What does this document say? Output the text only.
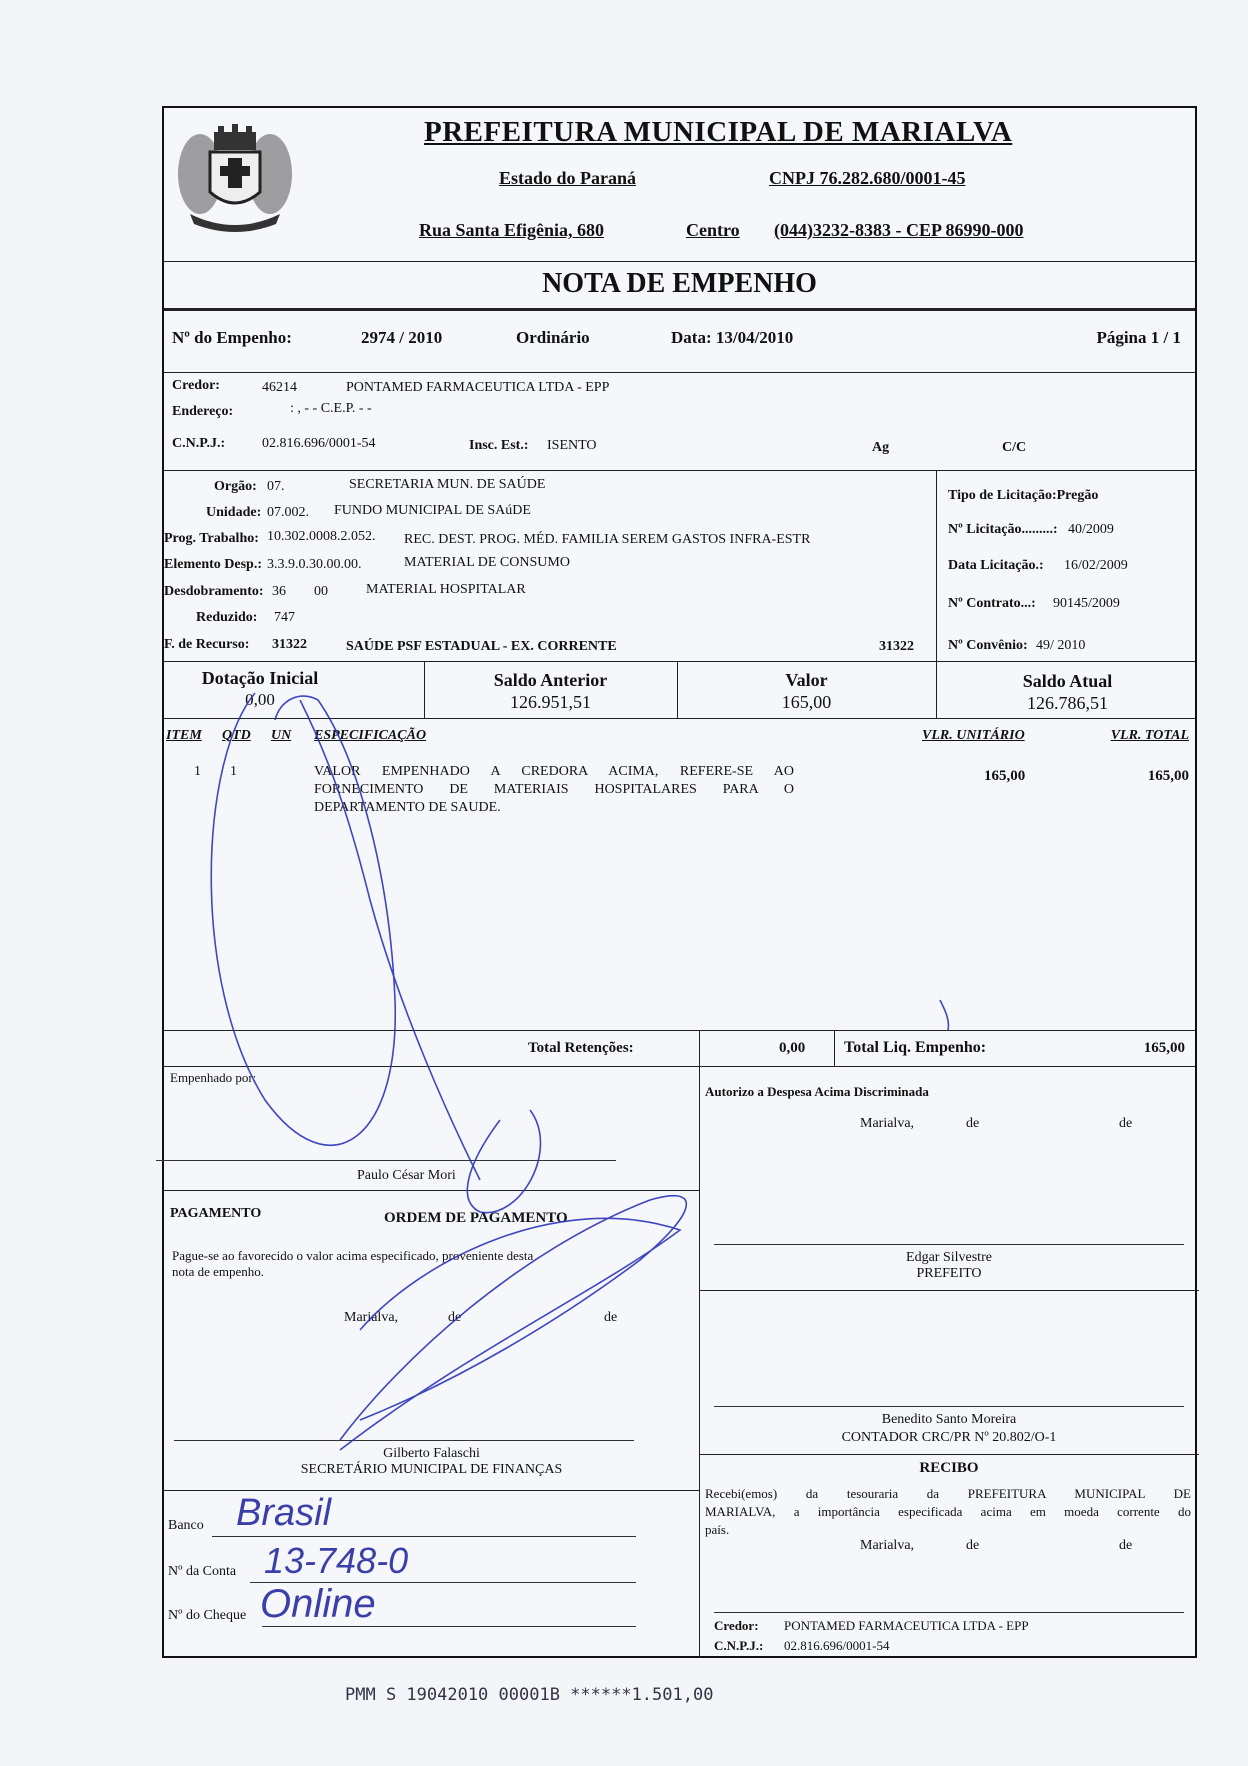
PREFEITURA MUNICIPAL DE MARIALVA
Estado do Paraná	CNPJ 76.282.680/0001-45
Rua Santa Efigênia, 680	Centro (044)3232-8383 - CEP 86990-000
NOTA DE EMPENHO
Nº do Empenho:	2974 / 2010	Ordinário	Data: 13/04/2010	Página 1 / 1
Credor:	46214	PONTAMED FARMACEUTICA LTDA - EPP
Endereço:	: , - - C.E.P. - -
C.N.P.J.:	02.816.696/0001-54	Insc. Est.: ISENTO	Ag	C/C
Orgão: 07.	SECRETARIA MUN. DE SAÚDE
Unidade: 07.002. FUNDO MUNICIPAL DE SAúDE
Prog. Trabalho: 10.302.0008.2.052. REC. DEST. PROG. MÉD. FAMILIA SEREM GASTOS INFRA-ESTR
Elemento Desp.: 3.3.9.0.30.00.00.	MATERIAL DE CONSUMO
Desdobramento: 36 00	MATERIAL HOSPITALAR
Reduzido: 747
F. de Recurso: 31322	SAÚDE PSF ESTADUAL - EX. CORRENTE	31322
Tipo de Licitação:Pregão
Nº Licitação.........: 40/2009
Data Licitação.: 16/02/2009
Nº Contrato...: 90145/2009
Nº Convênio: 49/ 2010
Dotação Inicial
0,00
Saldo Anterior
126.951,51
Valor
165,00
Saldo Atual
126.786,51
ITEM QTD UN ESPECIFICAÇÃO	VLR. UNITÁRIO	VLR. TOTAL
1 1	VALOR EMPENHADO A CREDORA ACIMA, REFERE-SE AO
FORNECIMENTO DE MATERIAIS HOSPITALARES PARA O
DEPARTAMENTO DE SAUDE.
165,00	165,00
Total Retenções:	0,00 Total Liq. Empenho:	165,00
Empenhado por:
Paulo César Mori
Autorizo a Despesa Acima Discriminada
Marialva,	de	de
Edgar Silvestre
PREFEITO
Benedito Santo Moreira
CONTADOR CRC/PR Nº 20.802/O-1
PAGAMENTO	ORDEM DE PAGAMENTO
Pague-se ao favorecido o valor acima especificado, proveniente desta
nota de empenho.
Marialva,	de	de
Gilberto Falaschi
SECRETÁRIO MUNICIPAL DE FINANÇAS
Banco Brasil
Nº da Conta 13-748-0
Nº do Cheque Online
RECIBO
Recebi(emos) da tesouraria da PREFEITURA MUNICIPAL DE
MARIALVA, a importância especificada acima em moeda corrente do
país.
Marialva,	de	de
Credor: PONTAMED FARMACEUTICA LTDA - EPP
C.N.P.J.: 02.816.696/0001-54
PMM S 19042010 00001B ******1.501,00
